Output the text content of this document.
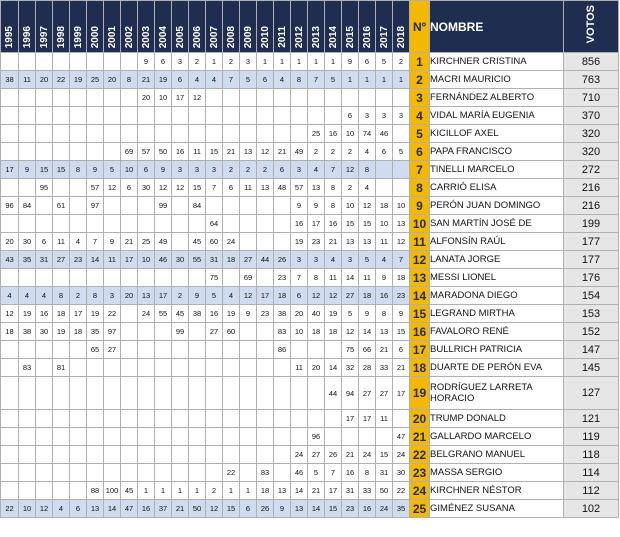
1995	1996	1997	1998	1999	2000	2001	2002	2003	2004	2005	2006	2007	2008	2009	2010	2011	2012	2013	2014	2015	2016	2017	2018	Nº	NOMBRE	VOTOS

								9	6	3	2	1	2	3	1	1	1	1	1	9	6	5	2	1	KIRCHNER CRISTINA	856
38	11	20	22	19	25	20	8	21	19	6	4	4	7	5	6	4	8	7	5	1	1	1	1	2	MACRI MAURICIO	763
								20	10	17	12													3	FERNÁNDEZ ALBERTO	710
																				6	3	3	3	4	VIDAL MARÍA EUGENIA	370
																		25	16	10	74	46		5	KICILLOF AXEL	320
							69	57	50	16	11	15	21	13	12	21	49	2	2	2	4	6	5	6	PAPA FRANCISCO	320
17	9	15	15	8	9	5	10	6	9	3	3	3	2	2	2	6	3	4	7	12	8			7	TINELLI MARCELO	272
		95			57	12	6	30	12	12	15	7	6	11	13	48	57	13	8	2	4			8	CARRIÓ ELISA	216
96	84		61		97				99		84						9	9	8	10	12	18	10	9	PERÓN JUAN DOMINGO	216
												64					16	17	16	15	15	10	13	10	SAN MARTÍN JOSÉ DE	199
20	30	6	11	4	7	9	21	25	49		45	60	24				19	23	21	13	13	11	12	11	ALFONSÍN RAÚL	177
43	35	31	27	23	14	11	17	10	46	30	55	31	18	27	44	26	3	3	4	3	5	4	7	12	LANATA JORGE	177
												75		69		23	7	8	11	14	11	9	18	13	MESSI LIONEL	176
4	4	4	8	2	8	3	20	13	17	2	9	5	4	12	17	18	6	12	12	27	18	16	23	14	MARADONA DIEGO	154
12	19	16	18	17	19	22		24	55	45	38	16	19	9	23	38	20	40	19	5	9	8	9	15	LEGRAND MIRTHA	153
18	38	30	19	18	35	97				99		27	60			83	10	18	18	12	14	13	15	16	FAVALORO RENÉ	152
					65	27										86				75	66	21	6	17	BULLRICH PATRICIA	147
	83		81														11	20	14	32	28	33	21	18	DUARTE DE PERÓN EVA	145
																			44	94	27	27	17	19	RODRÍGUEZ LARRETA HORACIO	127
																				17	17	11		20	TRUMP DONALD	121
																		96					47	21	GALLARDO MARCELO	119
																	24	27	26	21	24	15	24	22	BELGRANO MANUEL	118
													22		83		46	5	7	16	8	31	30	23	MASSA SERGIO	114
					88	100	45	1	1	1	1	2	1	1	18	13	14	21	17	31	33	50	22	24	KIRCHNER NÉSTOR	112
22	10	12	4	6	13	14	47	16	37	21	50	12	15	6	26	9	13	14	15	23	16	24	35	25	GIMÉNEZ SUSANA	102
